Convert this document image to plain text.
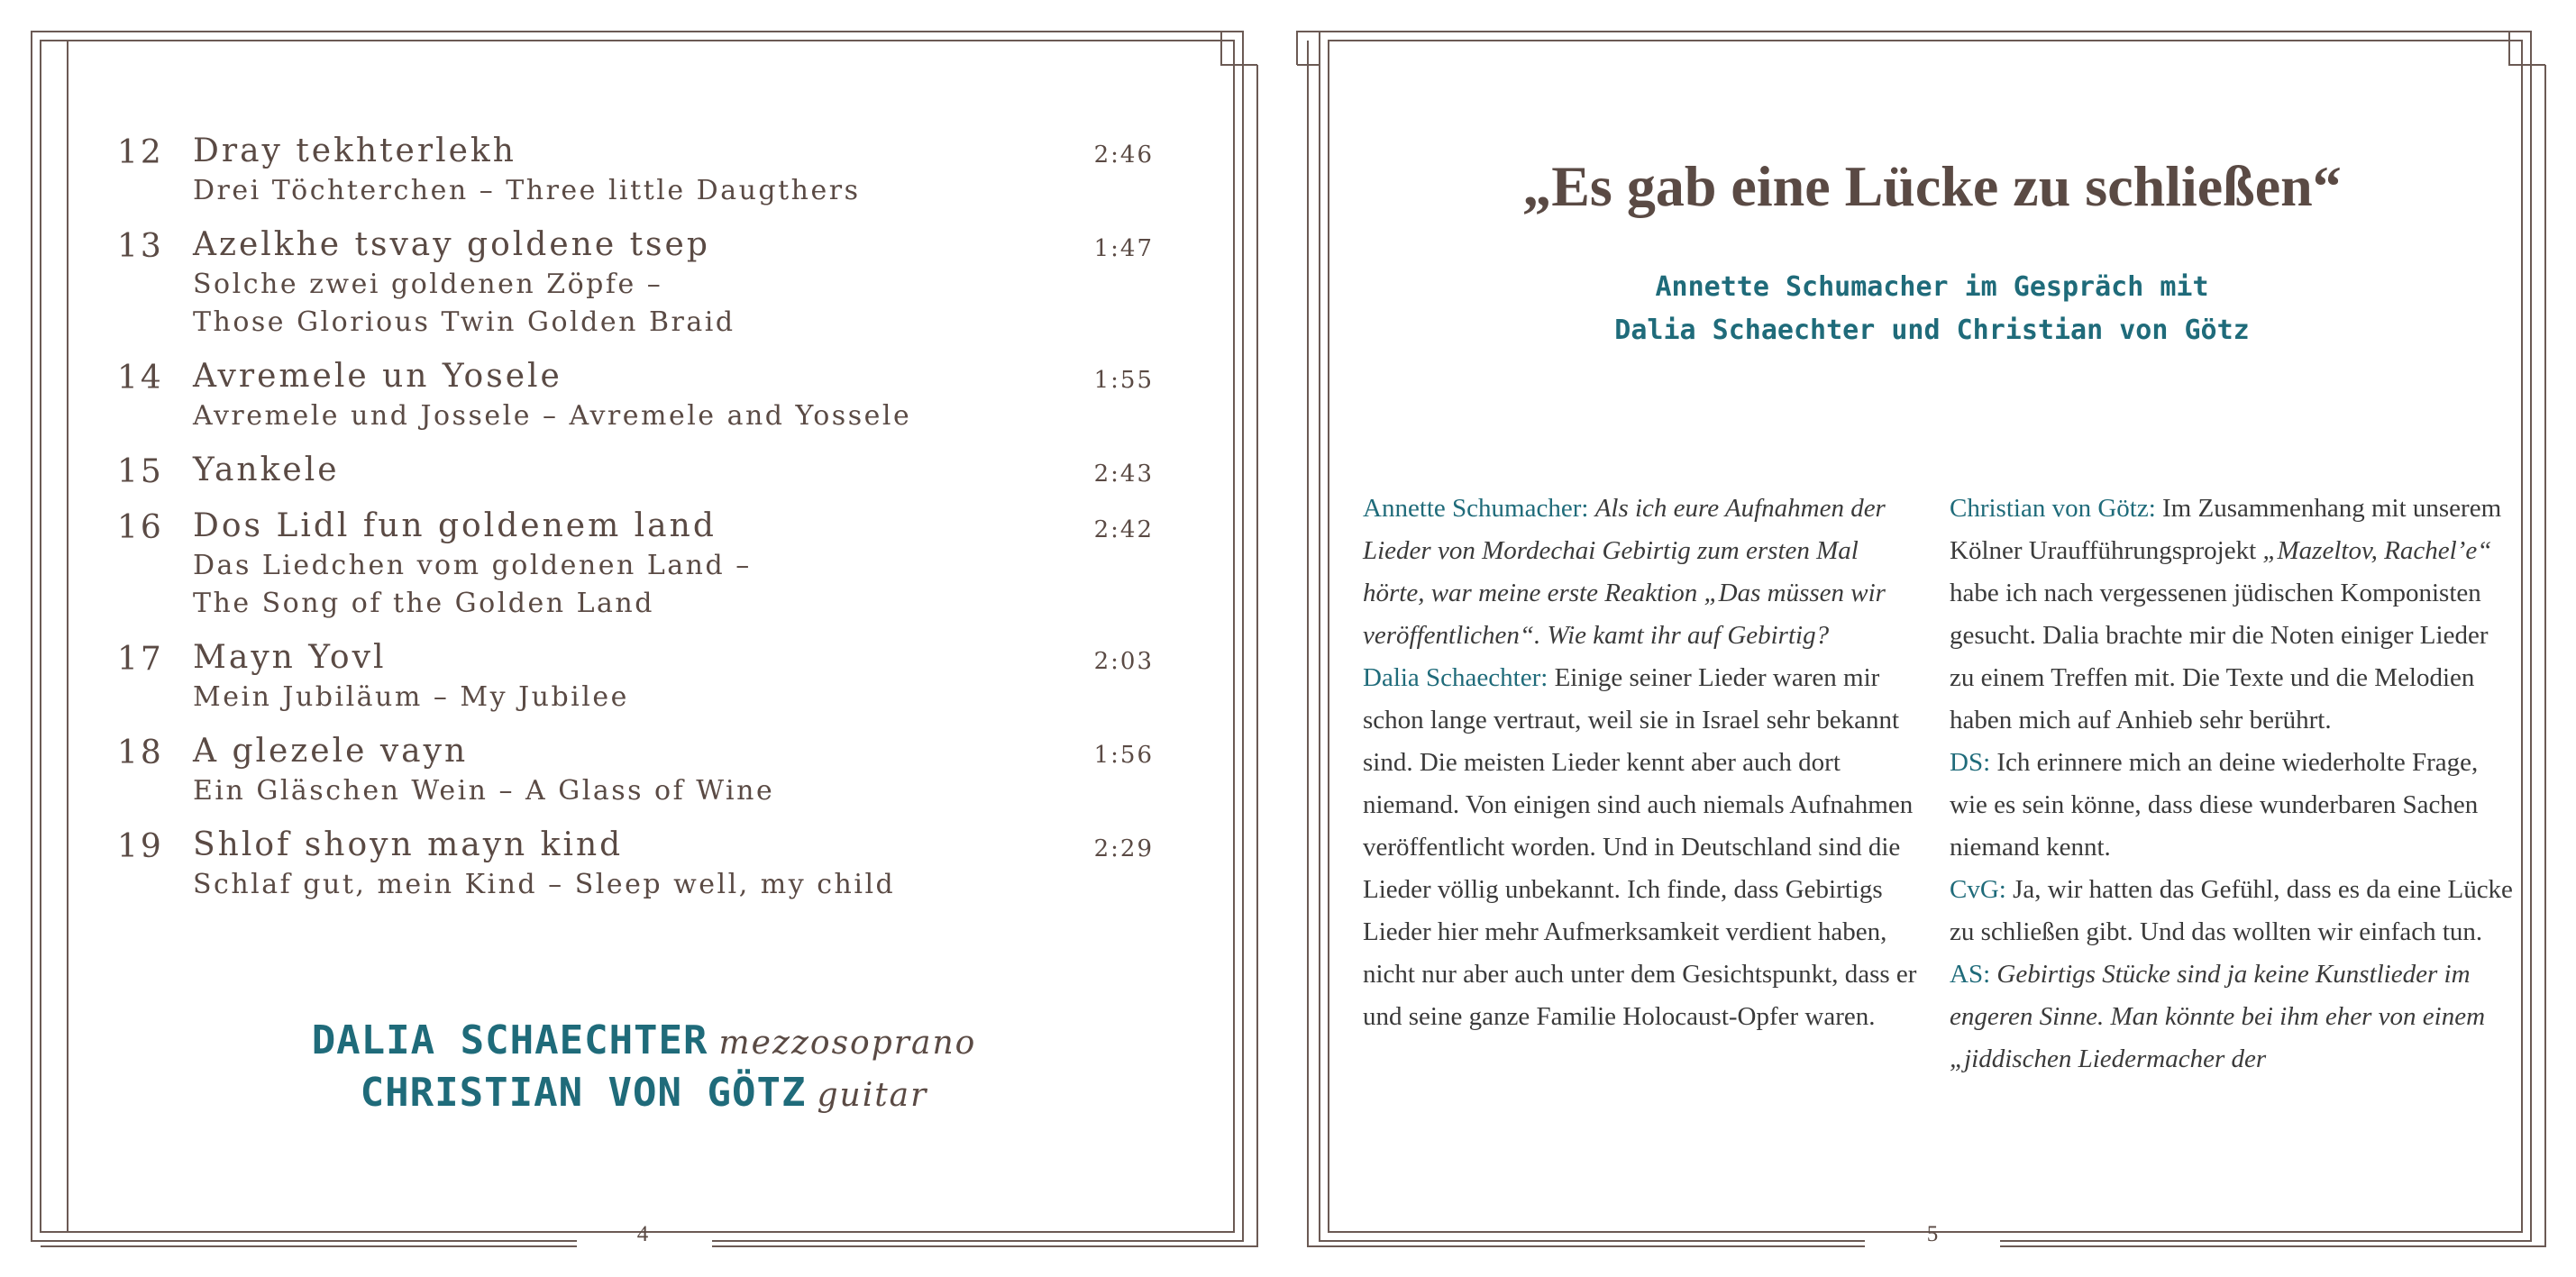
12 Dray tekhterlekh
Drei Töchterchen – Three little Daugthers
2:46
13 Azelkhe tsvay goldene tsep
Solche zwei goldenen Zöpfe –
Those Glorious Twin Golden Braid
1:47
14 Avremele un Yosele
Avremele und Jossele – Avremele and Yossele
1:55
15 Yankele	2:43
16 Dos Lidl fun goldenem land
Das Liedchen vom goldenen Land –
The Song of the Golden Land
2:42
17 Mayn Yovl
Mein Jubiläum – My Jubilee
2:03
18 A glezele vayn
Ein Gläschen Wein – A Glass of Wine
1:56
19 Shlof shoyn mayn kind
Schlaf gut, mein Kind – Sleep well, my child
2:29
DALIA SCHAECHTER mezzosoprano
CHRISTIAN VON GÖTZ guitar
4
„Es gab eine Lücke zu schließen“
Annette Schumacher im Gespräch mit
Dalia Schaechter und Christian von Götz

Annette Schumacher: Als ich eure Aufnahmen der Lieder von Mordechai Gebirtig zum ersten Mal hörte, war meine erste Reaktion „Das müssen wir veröffentlichen“. Wie kamt ihr auf Gebirtig?

Dalia Schaechter: Einige seiner Lieder waren mir schon lange vertraut, weil sie in Israel sehr bekannt sind. Die meisten Lieder kennt aber auch dort niemand. Von einigen sind auch niemals Aufnahmen veröffentlicht worden. Und in Deutschland sind die Lieder völlig unbekannt. Ich finde, dass Gebirtigs Lieder hier mehr Aufmerksamkeit verdient haben, nicht nur aber auch unter dem Gesichtspunkt, dass er und seine ganze Familie Holocaust-Opfer waren.

Christian von Götz: Im Zusammenhang mit unserem Kölner Uraufführungsprojekt „Mazeltov, Rachel’e“ habe ich nach vergessenen jüdischen Komponisten gesucht. Dalia brachte mir die Noten einiger Lieder zu einem Treffen mit. Die Texte und die Melodien haben mich auf Anhieb sehr berührt.

DS: Ich erinnere mich an deine wiederholte Frage, wie es sein könne, dass diese wunderbaren Sachen niemand kennt.

CvG: Ja, wir hatten das Gefühl, dass es da eine Lücke zu schließen gibt. Und das wollten wir einfach tun.

AS: Gebirtigs Stücke sind ja keine Kunstlieder im engeren Sinne. Man könnte bei ihm eher von einem „jiddischen Liedermacher der

5
